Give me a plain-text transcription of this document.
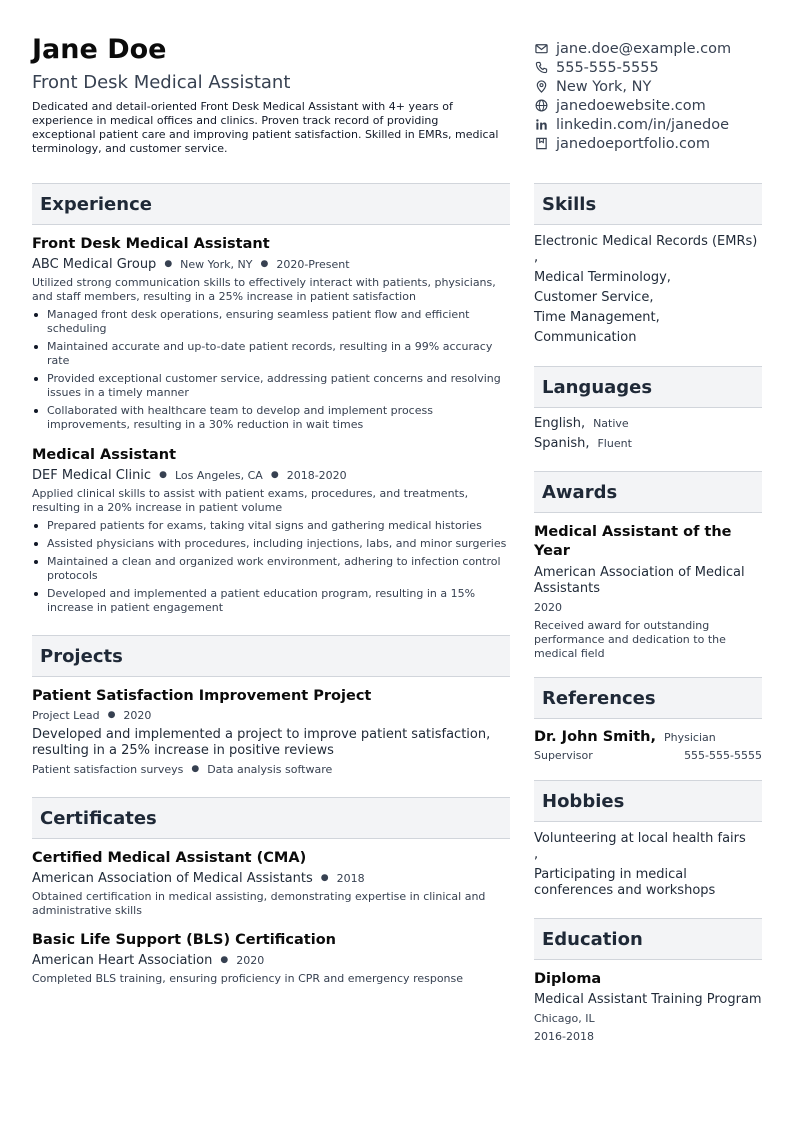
Jane Doe
Front Desk Medical Assistant
Dedicated and detail-oriented Front Desk Medical Assistant with 4+ years of experience in medical offices and clinics. Proven track record of providing exceptional patient care and improving patient satisfaction. Skilled in EMRs, medical terminology, and customer service.
jane.doe@example.com
555-555-5555
New York, NY
janedoewebsite.com
linkedin.com/in/janedoe
janedoeportfolio.com
Experience
Front Desk Medical Assistant
ABC Medical Group ● New York, NY ● 2020-Present
Utilized strong communication skills to effectively interact with patients, physicians, and staff members, resulting in a 25% increase in patient satisfaction
Managed front desk operations, ensuring seamless patient flow and efficient scheduling
Maintained accurate and up-to-date patient records, resulting in a 99% accuracy rate
Provided exceptional customer service, addressing patient concerns and resolving issues in a timely manner
Collaborated with healthcare team to develop and implement process improvements, resulting in a 30% reduction in wait times
Medical Assistant
DEF Medical Clinic ● Los Angeles, CA ● 2018-2020
Applied clinical skills to assist with patient exams, procedures, and treatments, resulting in a 20% increase in patient volume
Prepared patients for exams, taking vital signs and gathering medical histories
Assisted physicians with procedures, including injections, labs, and minor surgeries
Maintained a clean and organized work environment, adhering to infection control protocols
Developed and implemented a patient education program, resulting in a 15% increase in patient engagement
Projects
Patient Satisfaction Improvement Project
Project Lead ● 2020
Developed and implemented a project to improve patient satisfaction, resulting in a 25% increase in positive reviews
Patient satisfaction surveys ● Data analysis software
Certificates
Certified Medical Assistant (CMA)
American Association of Medical Assistants ● 2018
Obtained certification in medical assisting, demonstrating expertise in clinical and administrative skills
Basic Life Support (BLS) Certification
American Heart Association ● 2020
Completed BLS training, ensuring proficiency in CPR and emergency response
Skills
Electronic Medical Records (EMRs)
,
Medical Terminology,
Customer Service,
Time Management,
Communication
Languages
English, Native
Spanish, Fluent
Awards
Medical Assistant of the Year
American Association of Medical Assistants
2020
Received award for outstanding performance and dedication to the medical field
References
Dr. John Smith, Physician
Supervisor	555-555-5555
Hobbies
Volunteering at local health fairs
,
Participating in medical conferences and workshops
Education
Diploma
Medical Assistant Training Program
Chicago, IL
2016-2018
